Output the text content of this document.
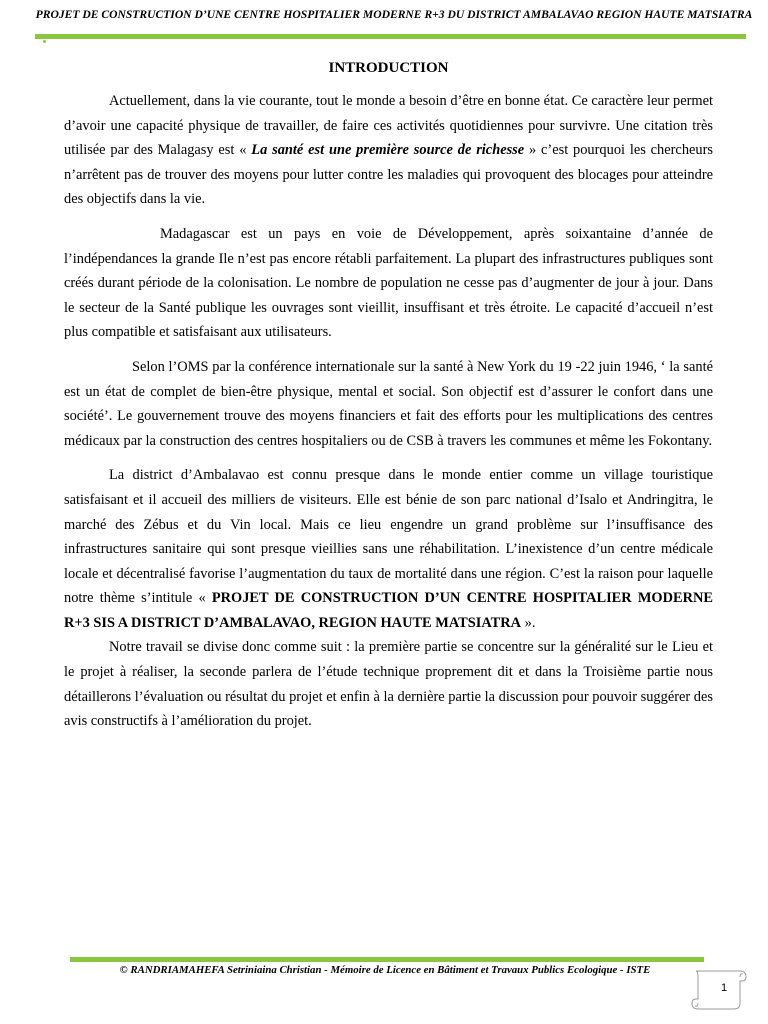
PROJET DE CONSTRUCTION D’UNE CENTRE HOSPITALIER MODERNE R+3 DU DISTRICT AMBALAVAO REGION HAUTE MATSIATRA
INTRODUCTION

Actuellement, dans la vie courante, tout le monde a besoin d’être en bonne état. Ce caractère leur permet d’avoir une capacité physique de travailler, de faire ces activités quotidiennes pour survivre. Une citation très utilisée par des Malagasy est « La santé est une première source de richesse » c’est pourquoi les chercheurs n’arrêtent pas de trouver des moyens pour lutter contre les maladies qui provoquent des blocages pour atteindre des objectifs dans la vie.

Madagascar est un pays en voie de Développement, après soixantaine d’année de l’indépendances la grande Ile n’est pas encore rétabli parfaitement. La plupart des infrastructures publiques sont créés durant période de la colonisation. Le nombre de population ne cesse pas d’augmenter de jour à jour. Dans le secteur de la Santé publique les ouvrages sont vieillit, insuffisant et très étroite. Le capacité d’accueil n’est plus compatible et satisfaisant aux utilisateurs.

Selon l’OMS par la conférence internationale sur la santé à New York du 19 -22 juin 1946, ‘ la santé est un état de complet de bien-être physique, mental et social. Son objectif est d’assurer le confort dans une société’. Le gouvernement trouve des moyens financiers et fait des efforts pour les multiplications des centres médicaux par la construction des centres hospitaliers ou de CSB à travers les communes et même les Fokontany.

La district d’Ambalavao est connu presque dans le monde entier comme un village touristique satisfaisant et il accueil des milliers de visiteurs. Elle est bénie de son parc national d’Isalo et Andringitra, le marché des Zébus et du Vin local. Mais ce lieu engendre un grand problème sur l’insuffisance des infrastructures sanitaire qui sont presque vieillies sans une réhabilitation. L’inexistence d’un centre médicale locale et décentralisé favorise l’augmentation du taux de mortalité dans une région. C’est la raison pour laquelle notre thème s’intitule « PROJET DE CONSTRUCTION D’UN CENTRE HOSPITALIER MODERNE R+3 SIS A DISTRICT D’AMBALAVAO, REGION HAUTE MATSIATRA ».

Notre travail se divise donc comme suit : la première partie se concentre sur la généralité sur le Lieu et le projet à réaliser, la seconde parlera de l’étude technique proprement dit et dans la Troisième partie nous détaillerons l’évaluation ou résultat du projet et enfin à la dernière partie la discussion pour pouvoir suggérer des avis constructifs à l’amélioration du projet.

© RANDRIAMAHEFA Setriniaina Christian - Mémoire de Licence en Bâtiment et Travaux Publics Ecologique - ISTE
1
